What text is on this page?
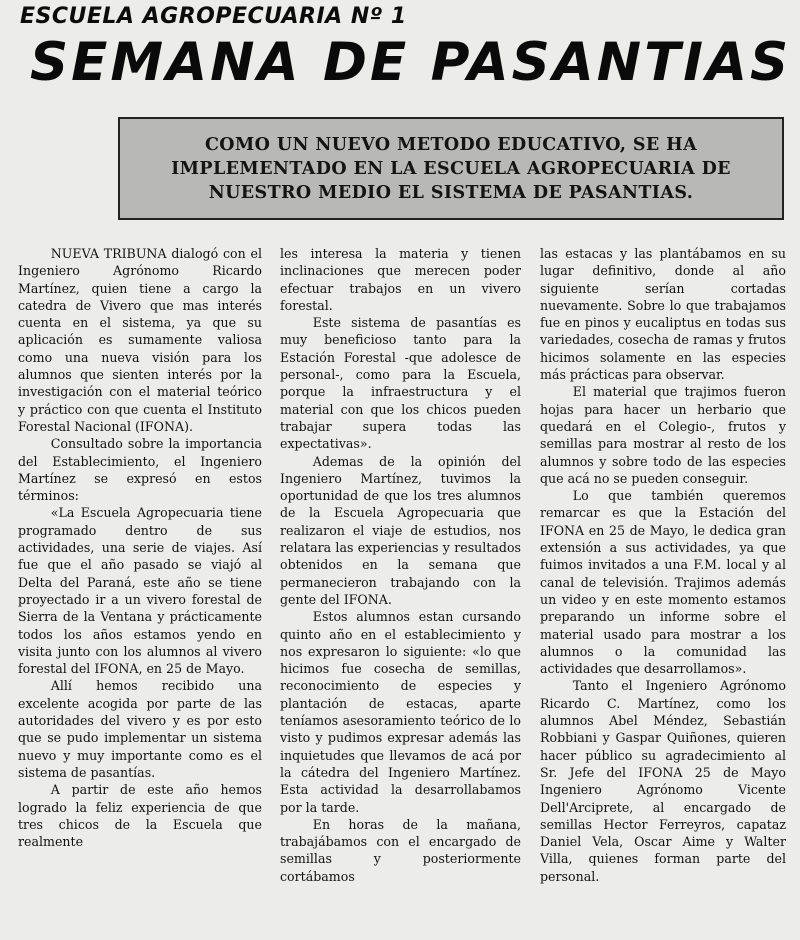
ESCUELA AGROPECUARIA Nº 1
SEMANA DE PASANTIAS

COMO UN NUEVO METODO EDUCATIVO, SE HA IMPLEMENTADO EN LA ESCUELA AGROPECUARIA DE NUESTRO MEDIO EL SISTEMA DE PASANTIAS.

NUEVA TRIBUNA dialogó con el Ingeniero Agrónomo Ricardo Martínez, quien tiene a cargo la catedra de Vivero que mas interés cuenta en el sistema, ya que su aplicación es sumamente valiosa como una nueva visión para los alumnos que sienten interés por la investigación con el material teórico y práctico con que cuenta el Instituto Forestal Nacional (IFONA).

Consultado sobre la importancia del Establecimiento, el Ingeniero Martínez se expresó en estos términos:

«La Escuela Agropecuaria tiene programado dentro de sus actividades, una serie de viajes. Así fue que el año pasado se viajó al Delta del Paraná, este año se tiene proyectado ir a un vivero forestal de Sierra de la Ventana y prácticamente todos los años estamos yendo en visita junto con los alumnos al vivero forestal del IFONA, en 25 de Mayo.

Allí hemos recibido una excelente acogida por parte de las autoridades del vivero y es por esto que se pudo implementar un sistema nuevo y muy importante como es el sistema de pasantías.

A partir de este año hemos logrado la feliz experiencia de que tres chicos de la Escuela que realmente

les interesa la materia y tienen inclinaciones que merecen poder efectuar trabajos en un vivero forestal.

Este sistema de pasantías es muy beneficioso tanto para la Estación Forestal -que adolesce de personal-, como para la Escuela, porque la infraestructura y el material con que los chicos pueden trabajar supera todas las expectativas».

Ademas de la opinión del Ingeniero Martínez, tuvimos la oportunidad de que los tres alumnos de la Escuela Agropecuaria que realizaron el viaje de estudios, nos relatara las experiencias y resultados obtenidos en la semana que permanecieron trabajando con la gente del IFONA.

Estos alumnos estan cursando quinto año en el establecimiento y nos expresaron lo siguiente: «lo que hicimos fue cosecha de semillas, reconocimiento de especies y plantación de estacas, aparte teníamos asesoramiento teórico de lo visto y pudimos expresar además las inquietudes que llevamos de acá por la cátedra del Ingeniero Martínez. Esta actividad la desarrollabamos por la tarde.

En horas de la mañana, trabajábamos con el encargado de semillas y posteriormente cortábamos

las estacas y las plantábamos en su lugar definitivo, donde al año siguiente serían cortadas nuevamente. Sobre lo que trabajamos fue en pinos y eucaliptus en todas sus variedades, cosecha de ramas y frutos hicimos solamente en las especies más prácticas para observar.

El material que trajimos fueron hojas para hacer un herbario que quedará en el Colegio-, frutos y semillas para mostrar al resto de los alumnos y sobre todo de las especies que acá no se pueden conseguir.

Lo que también queremos remarcar es que la Estación del IFONA en 25 de Mayo, le dedica gran extensión a sus actividades, ya que fuimos invitados a una F.M. local y al canal de televisión. Trajimos además un video y en este momento estamos preparando un informe sobre el material usado para mostrar a los alumnos o la comunidad las actividades que desarrollamos».

Tanto el Ingeniero Agrónomo Ricardo C. Martínez, como los alumnos Abel Méndez, Sebastián Robbiani y Gaspar Quiñones, quieren hacer público su agradecimiento al Sr. Jefe del IFONA 25 de Mayo Ingeniero Agrónomo Vicente Dell'Arciprete, al encargado de semillas Hector Ferreyros, capataz Daniel Vela, Oscar Aime y Walter Villa, quienes forman parte del personal.
